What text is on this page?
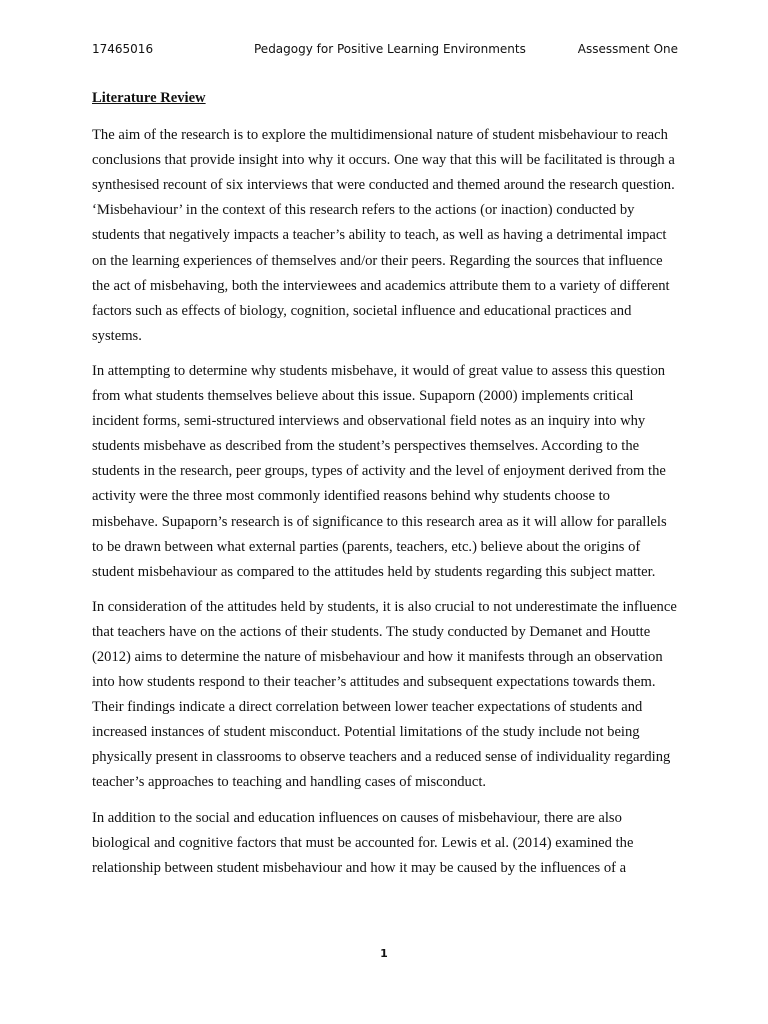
17465016	Pedagogy for Positive Learning Environments	Assessment One
Literature Review

The aim of the research is to explore the multidimensional nature of student misbehaviour to reach conclusions that provide insight into why it occurs. One way that this will be facilitated is through a synthesised recount of six interviews that were conducted and themed around the research question. ‘Misbehaviour’ in the context of this research refers to the actions (or inaction) conducted by students that negatively impacts a teacher’s ability to teach, as well as having a detrimental impact on the learning experiences of themselves and/or their peers. Regarding the sources that influence the act of misbehaving, both the interviewees and academics attribute them to a variety of different factors such as effects of biology, cognition, societal influence and educational practices and systems.

In attempting to determine why students misbehave, it would of great value to assess this question from what students themselves believe about this issue. Supaporn (2000) implements critical incident forms, semi-structured interviews and observational field notes as an inquiry into why students misbehave as described from the student’s perspectives themselves. According to the students in the research, peer groups, types of activity and the level of enjoyment derived from the activity were the three most commonly identified reasons behind why students choose to misbehave. Supaporn’s research is of significance to this research area as it will allow for parallels to be drawn between what external parties (parents, teachers, etc.) believe about the origins of student misbehaviour as compared to the attitudes held by students regarding this subject matter.

In consideration of the attitudes held by students, it is also crucial to not underestimate the influence that teachers have on the actions of their students. The study conducted by Demanet and Houtte (2012) aims to determine the nature of misbehaviour and how it manifests through an observation into how students respond to their teacher’s attitudes and subsequent expectations towards them. Their findings indicate a direct correlation between lower teacher expectations of students and increased instances of student misconduct. Potential limitations of the study include not being physically present in classrooms to observe teachers and a reduced sense of individuality regarding teacher’s approaches to teaching and handling cases of misconduct.

In addition to the social and education influences on causes of misbehaviour, there are also biological and cognitive factors that must be accounted for. Lewis et al. (2014) examined the relationship between student misbehaviour and how it may be caused by the influences of a

1
